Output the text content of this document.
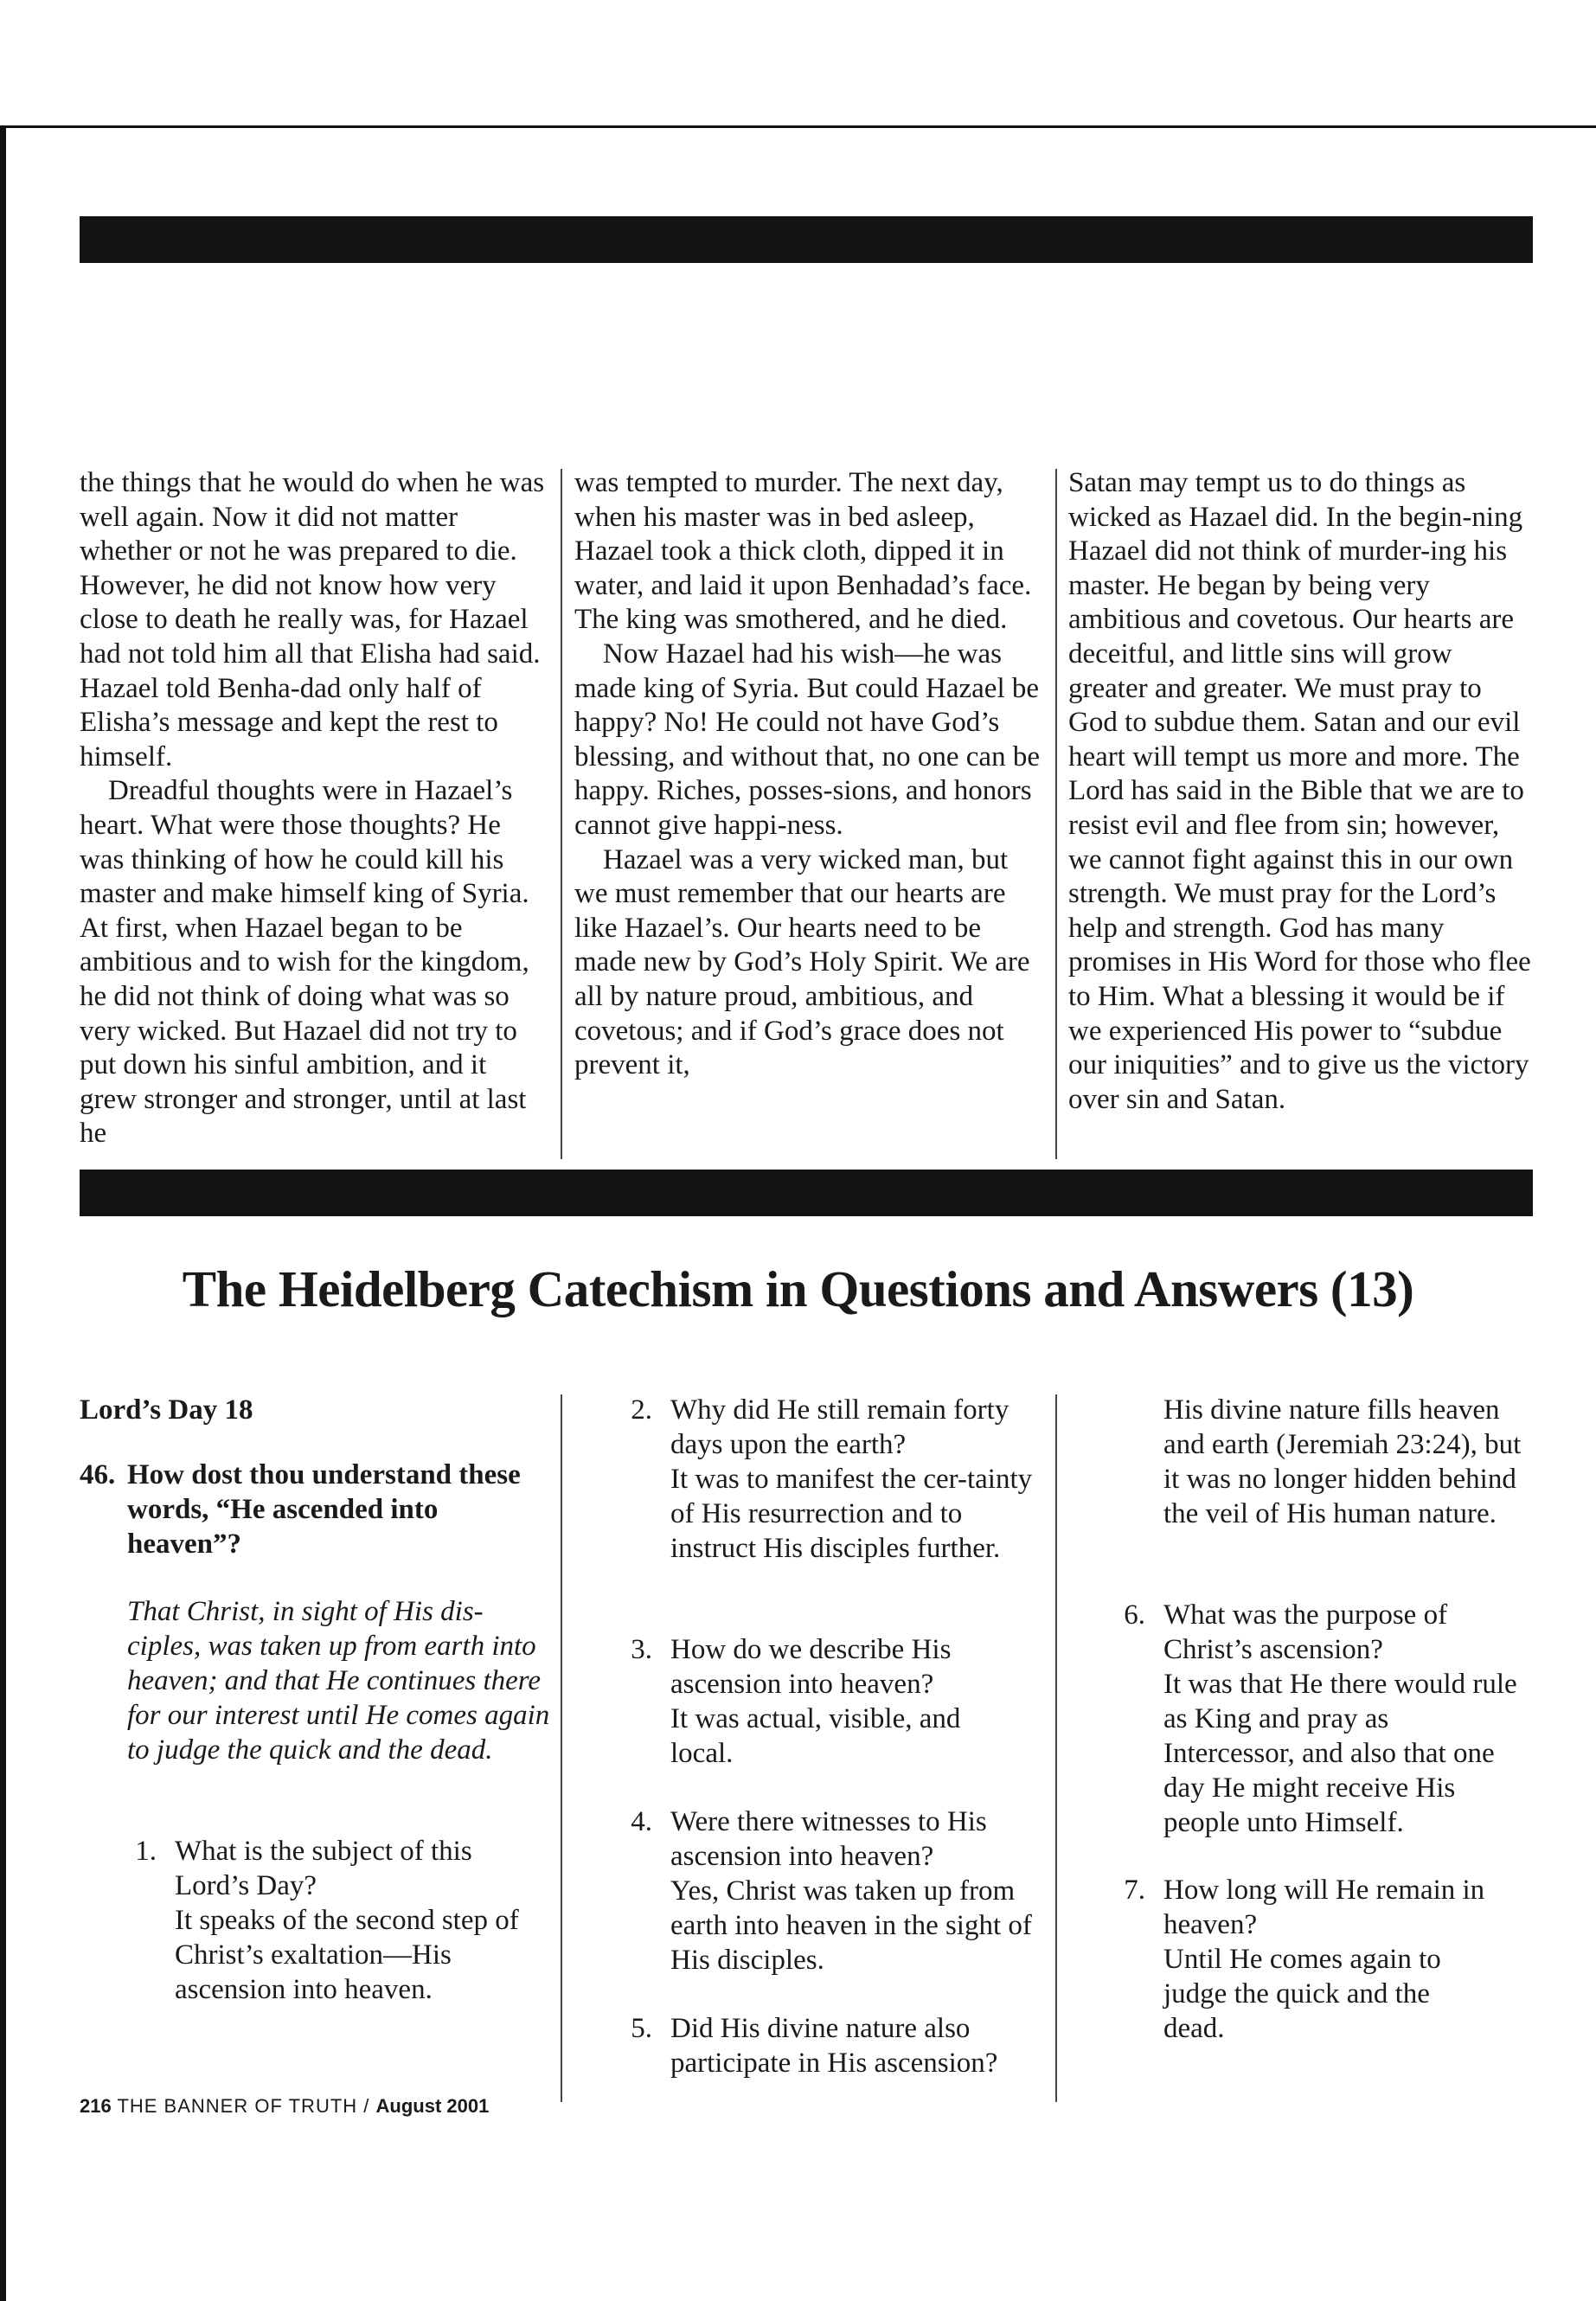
the things that he would do when he was well again. Now it did not matter whether or not he was prepared to die. However, he did not know how very close to death he really was, for Hazael had not told him all that Elisha had said. Hazael told Benha-dad only half of Elisha’s message and kept the rest to himself.

Dreadful thoughts were in Hazael’s heart. What were those thoughts? He was thinking of how he could kill his master and make himself king of Syria. At first, when Hazael began to be ambitious and to wish for the kingdom, he did not think of doing what was so very wicked. But Hazael did not try to put down his sinful ambition, and it grew stronger and stronger, until at last he

was tempted to murder. The next day, when his master was in bed asleep, Hazael took a thick cloth, dipped it in water, and laid it upon Benhadad’s face. The king was smothered, and he died.

Now Hazael had his wish—he was made king of Syria. But could Hazael be happy? No! He could not have God’s blessing, and without that, no one can be happy. Riches, posses-sions, and honors cannot give happi-ness.

Hazael was a very wicked man, but we must remember that our hearts are like Hazael’s. Our hearts need to be made new by God’s Holy Spirit. We are all by nature proud, ambitious, and covetous; and if God’s grace does not prevent it,

Satan may tempt us to do things as wicked as Hazael did. In the begin-ning Hazael did not think of murder-ing his master. He began by being very ambitious and covetous. Our hearts are deceitful, and little sins will grow greater and greater. We must pray to God to subdue them. Satan and our evil heart will tempt us more and more. The Lord has said in the Bible that we are to resist evil and flee from sin; however, we cannot fight against this in our own strength. We must pray for the Lord’s help and strength. God has many promises in His Word for those who flee to Him. What a blessing it would be if we experienced His power to “subdue our iniquities” and to give us the victory over sin and Satan.

The Heidelberg Catechism in Questions and Answers (13)
Lord’s Day 18
46. How dost thou understand these words, “He ascended into heaven”?
That Christ, in sight of His dis-ciples, was taken up from earth into heaven; and that He continues there for our interest until He comes again to judge the quick and the dead.
1. What is the subject of this Lord’s Day?
It speaks of the second step of Christ’s exaltation—His ascension into heaven.
2. Why did He still remain forty days upon the earth?
It was to manifest the cer-tainty of His resurrection and to instruct His disciples further.
3. How do we describe His ascension into heaven?
It was actual, visible, and local.
4. Were there witnesses to His ascension into heaven?
Yes, Christ was taken up from earth into heaven in the sight of His disciples.
5. Did His divine nature also participate in His ascension?
His divine nature fills heaven and earth (Jeremiah 23:24), but it was no longer hidden behind the veil of His human nature.
6. What was the purpose of Christ’s ascension?
It was that He there would rule as King and pray as Intercessor, and also that one day He might receive His people unto Himself.
7. How long will He remain in heaven?
Until He comes again to judge the quick and the dead.
216 THE BANNER OF TRUTH / August 2001
